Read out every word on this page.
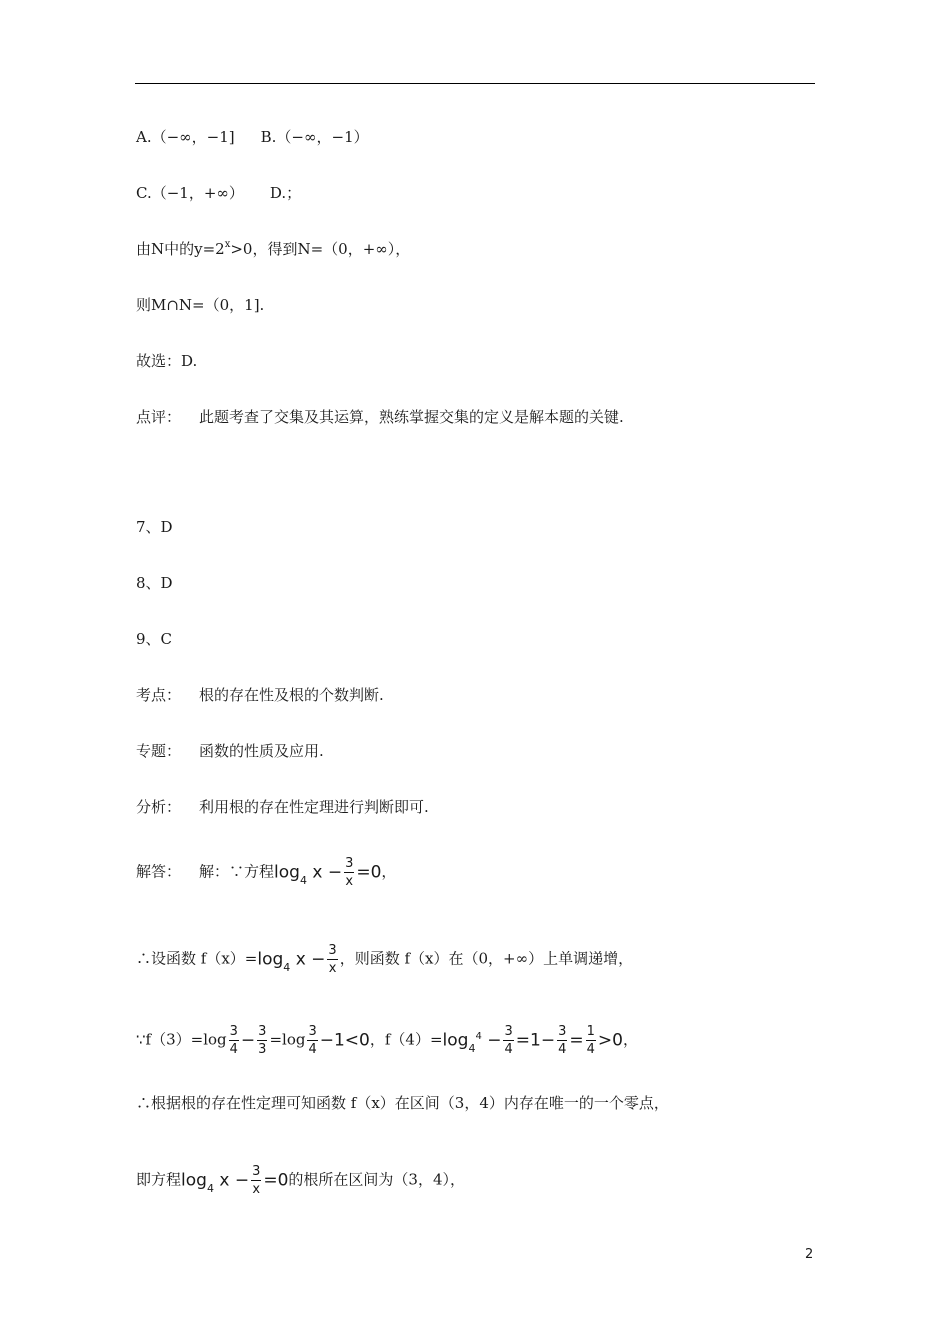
A.（−∞，−1] B.（−∞，−1）
C.（−1，+∞） D.；
由N中的$y=2^x>0$，得到N=（0，+∞），
则M∩N=（0，1].
故选：D.
点评： 此题考查了交集及其运算，熟练掌握交集的定义是解本题的关键.
7、D
8、D
9、C
考点： 根的存在性及根的个数判断.
专题： 函数的性质及应用.
分析： 利用根的存在性定理进行判断即可.
解答： 解：∵方程$\log_4 x - \frac{3}{x} =0$，
∴设函数 $f(x)=\log_4$ $x - \frac{3}{x}$ ，则函数 f（x）在（0，+∞）上单调递增，
∵f（3）=log $\frac{3}{4} - \frac{3}{3} =\log \frac{3}{4} -1<0$，$f(4)=\log_4^4 - \frac{3}{4} =1- \frac{3}{4} = \frac{1}{4} >0$，
∴根据根的存在性定理可知函数 f（x）在区间（3，4）内存在唯一的一个零点，
即方程$\log_4 x - \frac{3}{x} =0$的根所在区间为（3，4），
2
